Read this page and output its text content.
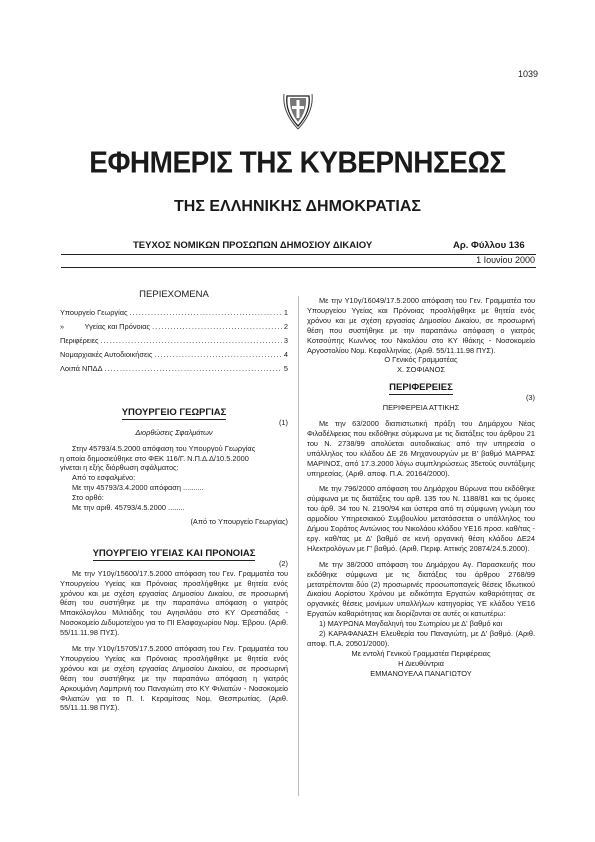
1039
ΕΦΗΜΕΡΙΣ ΤΗΣ ΚΥΒΕΡΝΗΣΕΩΣ
ΤΗΣ ΕΛΛΗΝΙΚΗΣ ΔΗΜΟΚΡΑΤΙΑΣ
ΤΕΥΧΟΣ ΝΟΜΙΚΩΝ ΠΡΟΣΩΠΩΝ ΔΗΜΟΣΙΟΥ ΔΙΚΑΙΟΥ	Αρ. Φύλλου 136
1 Ιουνίου 2000
ΠΕΡΙΕΧΟΜΕΝΑ
Υπουργείο Γεωργίας .....	1
»          Υγείας και Πρόνοιας .....	2
Περιφέρειες .....	3
Νομαρχιακές Αυτοδιοικήσεις .....	4
Λοιπά ΝΠΔΔ .....	5
ΥΠΟΥΡΓΕΙΟ ΓΕΩΡΓΙΑΣ
(1)
Διορθώσεις Σφαλμάτων

Στην 45793/4.5.2000 απόφαση του Υπουργού Γεωργίας

η οποία δημοσιεύθηκε στο ΦΕΚ 116/Γ. Ν.Π.Δ.Δ/10.5.2000

γίνεται η εξής διόρθωση σφάλματος:

Από το εσφαλμένο:

Με την 45793/3.4.2000 απόφαση ..........

Στο ορθό:

Με την αριθ. 45793/4.5.2000 ........

(Από το Υπουργείο Γεωργίας)
ΥΠΟΥΡΓΕΙΟ ΥΓΕΙΑΣ ΚΑΙ ΠΡΟΝΟΙΑΣ
(2)

Με την Υ10γ/15600/17.5.2000 απόφαση του Γεν. Γραμματέα του Υπουργείου Υγείας και Πρόνοιας προσλήφθηκε με θητεία ενός χρόνου και με σχέση εργασίας Δημοσίου Δικαίου, σε προσωρινή θέση του συστήθηκε με την παραπάνω απόφαση ο γιατρός Μπακόλογλου Μιλτιάδης του Αγησιλάου στο ΚΥ Ορεστιάδας - Νοσοκομείο Διδυμοτείχου για το ΠΙ Ελαφοχωρίου Νομ. Έβρου. (Αριθ. 55/11.11.98 ΠΥΣ).

Με την Υ10γ/15705/17.5.2000 απόφαση του Γεν. Γραμματέα του Υπουργείου Υγείας και Πρόνοιας προσλήφθηκε με θητεία ενός χρόνου και με σχέση εργασίας Δημοσίου Δικαίου, σε προσωρινή θέση του συστήθηκε με την παραπάνω απόφαση η γιατρός Αρκουμάνη Λαμπρινή του Παναγιώτη στο ΚΥ Φιλιατών - Νοσοκομείο Φιλιατών για το Π. Ι. Κεραμίτσας Νομ. Θεσπρωτίας. (Αριθ. 55/11.11.98 ΠΥΣ).

Με την Υ10γ/16049/17.5.2000 απόφαση του Γεν. Γραμματέα του Υπουργείου Υγείας και Πρόνοιας προσλήφθηκε με θητεία ενός χρόνου και με σχέση εργασίας Δημοσίου Δικαίου, σε προσωρινή θέση που συστήθηκε με την παραπάνω απόφαση ο γιατρός Κοτσούπης Κων/νος του Νικολάου στο ΚΥ Ιθάκης - Νοσοκομείο Αργοστολίου Νομ. Κεφαλληνίας. (Αριθ. 55/11.11.98 ΠΥΣ).

Ο Γενικός Γραμματέας
Χ. ΣΟΦΙΑΝΟΣ
ΠΕΡΙΦΕΡΕΙΕΣ
(3)
ΠΕΡΙΦΕΡΕΙΑ ΑΤΤΙΚΗΣ

Με την 63/2000 διαπιστωτική πράξη του Δημάρχου Νέας Φιλαδέλφειας που εκδόθηκε σύμφωνα με τις διατάξεις του άρθρου 21 του Ν. 2738/99 απολύεται αυτοδικαίως από την υπηρεσία ο υπάλληλος του κλάδου ΔΕ 26 Μηχανουργών με Β' βαθμό ΜΑΡΡΑΣ ΜΑΡΙΝΟΣ, από 17.3.2000 λόγω συμπληρώσεως 35ετούς συντάξιμης υπηρεσίας. (Αριθ. αποφ. Π.Α. 20164/2000).

Με την 796/2000 απόφαση του Δημάρχου Βύρωνα που εκδόθηκε σύμφωνα με τις διατάξεις του αρθ. 135 του Ν. 1188/81 και τις όμοιες του άρθ. 34 του Ν. 2190/94 και ύστερα από τη σύμφωνη γνώμη του αρμοδίου Υπηρεσιακού Συμβουλίου μετατάσσεται ο υπάλληλος του Δήμου Σοράτος Αντώνιος του Νικολάου κλάδου ΥΕ16 προσ. καθ/τας - εργ. καθ/τας με Δ' βαθμό σε κενή οργανική θέση κλάδου ΔΕ24 Ηλεκτρολόγων με Γ' βαθμό. (Αριθ. Περιφ. Αττικής 20874/24.5.2000).

Με την 38/2000 απόφαση του Δημάρχου Αγ. Παρασκευής που εκδόθηκε σύμφωνα με τις διατάξεις του άρθρου 2768/99 μετατρέπονται δύο (2) προσωρινές προσωποπαγείς θέσεις Ιδιωτικού Δικαίου Αορίστου Χρόνου με ειδικότητα Εργατών καθαριότητας σε οργανικές θέσεις μονίμων υπαλλήλων κατηγορίας ΥΕ κλάδου ΥΕ16 Εργατών καθαριότητας και διορίζονται σε αυτές οι κατωτέρω:

1) ΜΑΥΡΩΝΑ Μαγδαληνή του Σωτηρίου με Δ' βαθμό και

2) ΚΑΡΑΦΑΝΑΣΗ Ελευθερία του Παναγιώτη, με Δ' βαθμό. (Αριθ. αποφ. Π.Α. 20501/2000).

Με εντολή Γενικού Γραμματέα Περιφέρειας
Η Διευθύντρια
ΕΜΜΑΝΟΥΕΛΑ ΠΑΝΑΓΙΩΤΟΥ
